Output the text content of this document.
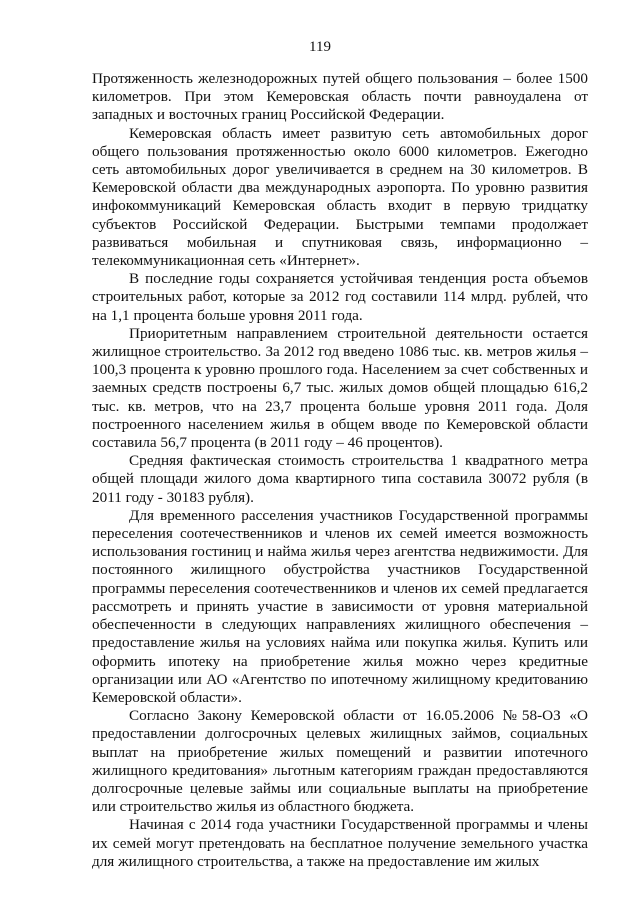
119

Протяженность железнодорожных путей общего пользования – более 1500 километров. При этом Кемеровская область почти равноудалена от западных и восточных границ Российской Федерации.

Кемеровская область имеет развитую сеть автомобильных дорог общего пользования протяженностью около 6000 километров. Ежегодно сеть автомобильных дорог увеличивается в среднем на 30 километров. В Кемеровской области два международных аэропорта. По уровню развития инфокоммуникаций Кемеровская область входит в первую тридцатку субъектов Российской Федерации. Быстрыми темпами продолжает развиваться мобильная и спутниковая связь, информационно – телекоммуникационная сеть «Интернет».

В последние годы сохраняется устойчивая тенденция роста объемов строительных работ, которые за 2012 год составили 114 млрд. рублей, что на 1,1 процента больше уровня 2011 года.

Приоритетным направлением строительной деятельности остается жилищное строительство. За 2012 год введено 1086 тыс. кв. метров жилья – 100,3 процента к уровню прошлого года. Населением за счет собственных и заемных средств построены 6,7 тыс. жилых домов общей площадью 616,2 тыс. кв. метров, что на 23,7 процента больше уровня 2011 года. Доля построенного населением жилья в общем вводе по Кемеровской области составила 56,7 процента (в 2011 году – 46 процентов).

Средняя фактическая стоимость строительства 1 квадратного метра общей площади жилого дома квартирного типа составила 30072 рубля (в 2011 году - 30183 рубля).

Для временного расселения участников Государственной программы переселения соотечественников и членов их семей имеется возможность использования гостиниц и найма жилья через агентства недвижимости. Для постоянного жилищного обустройства участников Государственной программы переселения соотечественников и членов их семей предлагается рассмотреть и принять участие в зависимости от уровня материальной обеспеченности в следующих направлениях жилищного обеспечения – предоставление жилья на условиях найма или покупка жилья. Купить или оформить ипотеку на приобретение жилья можно через кредитные организации или АО «Агентство по ипотечному жилищному кредитованию Кемеровской области».

Согласно Закону Кемеровской области от 16.05.2006 №58-ОЗ «О предоставлении долгосрочных целевых жилищных займов, социальных выплат на приобретение жилых помещений и развитии ипотечного жилищного кредитования» льготным категориям граждан предоставляются долгосрочные целевые займы или социальные выплаты на приобретение или строительство жилья из областного бюджета.

Начиная с 2014 года участники Государственной программы и члены их семей могут претендовать на бесплатное получение земельного участка для жилищного строительства, а также на предоставление им жилых
